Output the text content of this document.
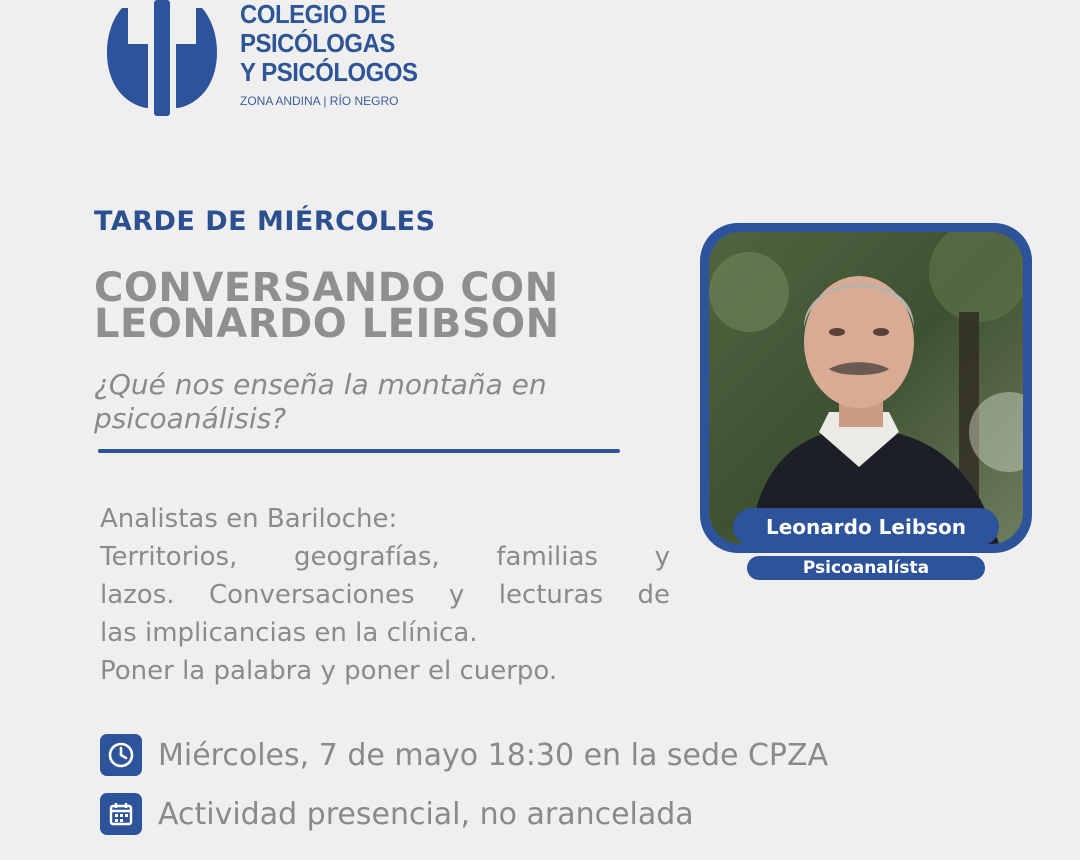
COLEGIO DE
PSICÓLOGAS
Y PSICÓLOGOS
ZONA ANDINA | RÍO NEGRO
TARDE DE MIÉRCOLES
CONVERSANDO CON
LEONARDO LEIBSON
¿Qué nos enseña la montaña en
psicoanálisis?
Analistas en Bariloche:
Territorios, geografías, familias y
lazos. Conversaciones y lecturas de
las implicancias en la clínica.
Poner la palabra y poner el cuerpo.
Leonardo Leibson
Psicoanalísta
Miércoles, 7 de mayo 18:30 en la sede CPZA
Actividad presencial, no arancelada
